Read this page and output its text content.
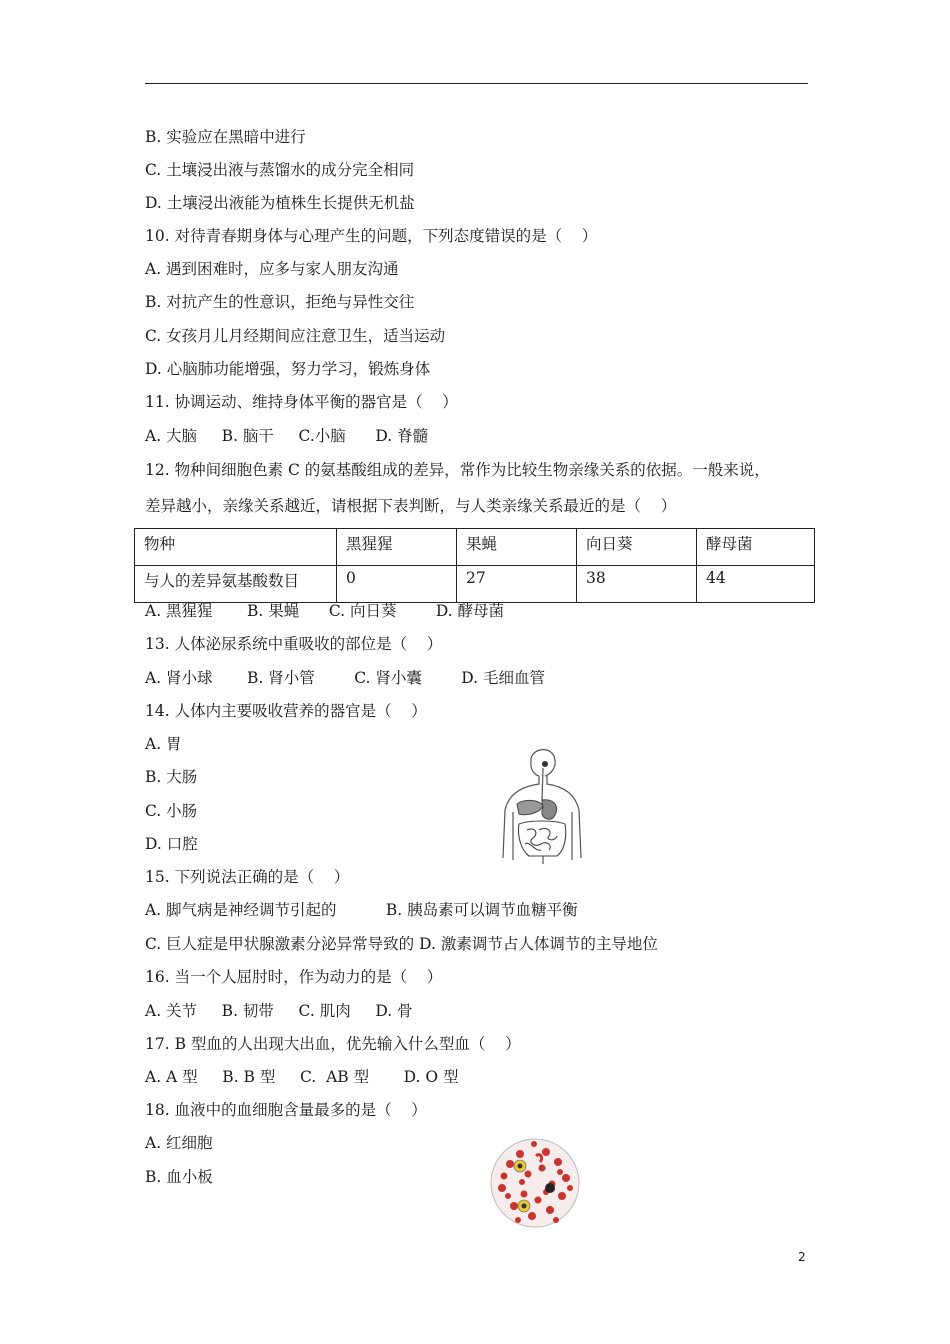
B. 实验应在黑暗中进行
C. 土壤浸出液与蒸馏水的成分完全相同
D. 土壤浸出液能为植株生长提供无机盐
10. 对待青春期身体与心理产生的问题，下列态度错误的是（    ）
A. 遇到困难时，应多与家人朋友沟通
B. 对抗产生的性意识，拒绝与异性交往
C. 女孩月儿月经期间应注意卫生，适当运动
D. 心脑肺功能增强，努力学习，锻炼身体
11. 协调运动、维持身体平衡的器官是（    ）
A. 大脑     B. 脑干     C.小脑      D. 脊髓
12. 物种间细胞色素 C 的氨基酸组成的差异，常作为比较生物亲缘关系的依据。一般来说，
差异越小，亲缘关系越近，请根据下表判断，与人类亲缘关系最近的是（    ）
物种	黑猩猩	果蝇	向日葵	酵母菌
与人的差异氨基酸数目	0	27	38	44
A. 黑猩猩       B. 果蝇      C. 向日葵        D. 酵母菌
13. 人体泌尿系统中重吸收的部位是（    ）
A. 肾小球       B. 肾小管        C. 肾小囊        D. 毛细血管
14. 人体内主要吸收营养的器官是（    ）
A. 胃
B. 大肠
C. 小肠
D. 口腔
15. 下列说法正确的是（    ）
A. 脚气病是神经调节引起的          B. 胰岛素可以调节血糖平衡
C. 巨人症是甲状腺激素分泌异常导致的 D. 激素调节占人体调节的主导地位
16. 当一个人屈肘时，作为动力的是（    ）
A. 关节     B. 韧带     C. 肌肉     D. 骨
17. B 型血的人出现大出血，优先输入什么型血（    ）
A. A 型     B. B 型     C.  AB 型       D. O 型
18. 血液中的血细胞含量最多的是（    ）
A. 红细胞
B. 血小板
2
